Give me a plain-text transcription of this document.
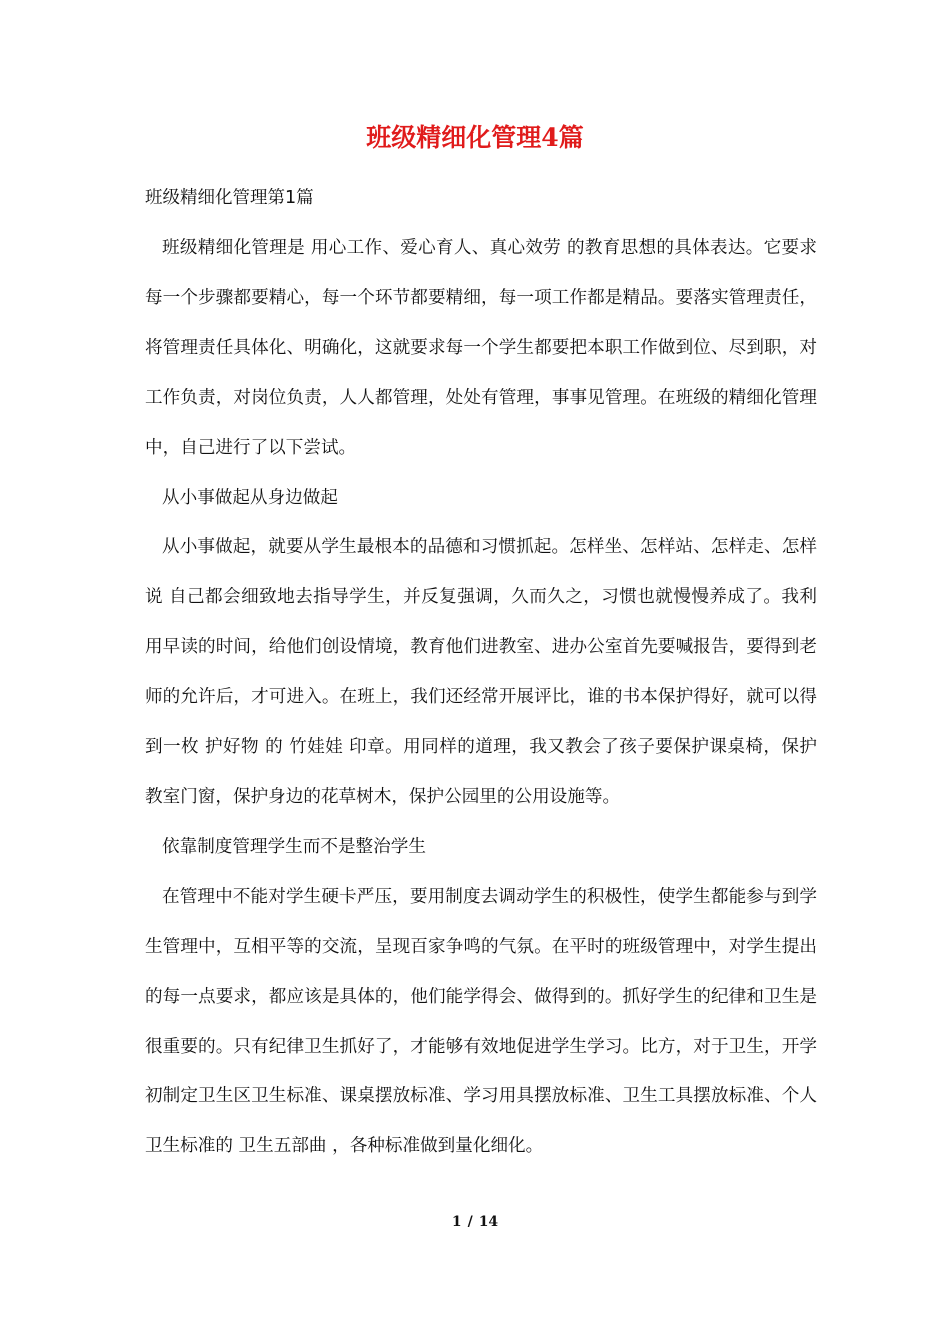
班级精细化管理4篇
班级精细化管理第1篇

班级精细化管理是 用心工作、爱心育人、真心效劳 的教育思想的具体表达。它要求每一个步骤都要精心，每一个环节都要精细，每一项工作都是精品。要落实管理责任，将管理责任具体化、明确化，这就要求每一个学生都要把本职工作做到位、尽到职，对工作负责，对岗位负责，人人都管理，处处有管理，事事见管理。在班级的精细化管理中，自己进行了以下尝试。

从小事做起从身边做起

从小事做起，就要从学生最根本的品德和习惯抓起。怎样坐、怎样站、怎样走、怎样说 自己都会细致地去指导学生，并反复强调，久而久之，习惯也就慢慢养成了。我利用早读的时间，给他们创设情境，教育他们进教室、进办公室首先要喊报告，要得到老师的允许后，才可进入。在班上，我们还经常开展评比，谁的书本保护得好，就可以得到一枚 护好物 的 竹娃娃 印章。用同样的道理，我又教会了孩子要保护课桌椅，保护教室门窗，保护身边的花草树木，保护公园里的公用设施等。

依靠制度管理学生而不是整治学生

在管理中不能对学生硬卡严压，要用制度去调动学生的积极性，使学生都能参与到学生管理中，互相平等的交流，呈现百家争鸣的气氛。在平时的班级管理中，对学生提出的每一点要求，都应该是具体的，他们能学得会、做得到的。抓好学生的纪律和卫生是很重要的。只有纪律卫生抓好了，才能够有效地促进学生学习。比方，对于卫生，开学初制定卫生区卫生标准、课桌摆放标准、学习用具摆放标准、卫生工具摆放标准、个人卫生标准的 卫生五部曲 ，各种标准做到量化细化。

1 / 14
